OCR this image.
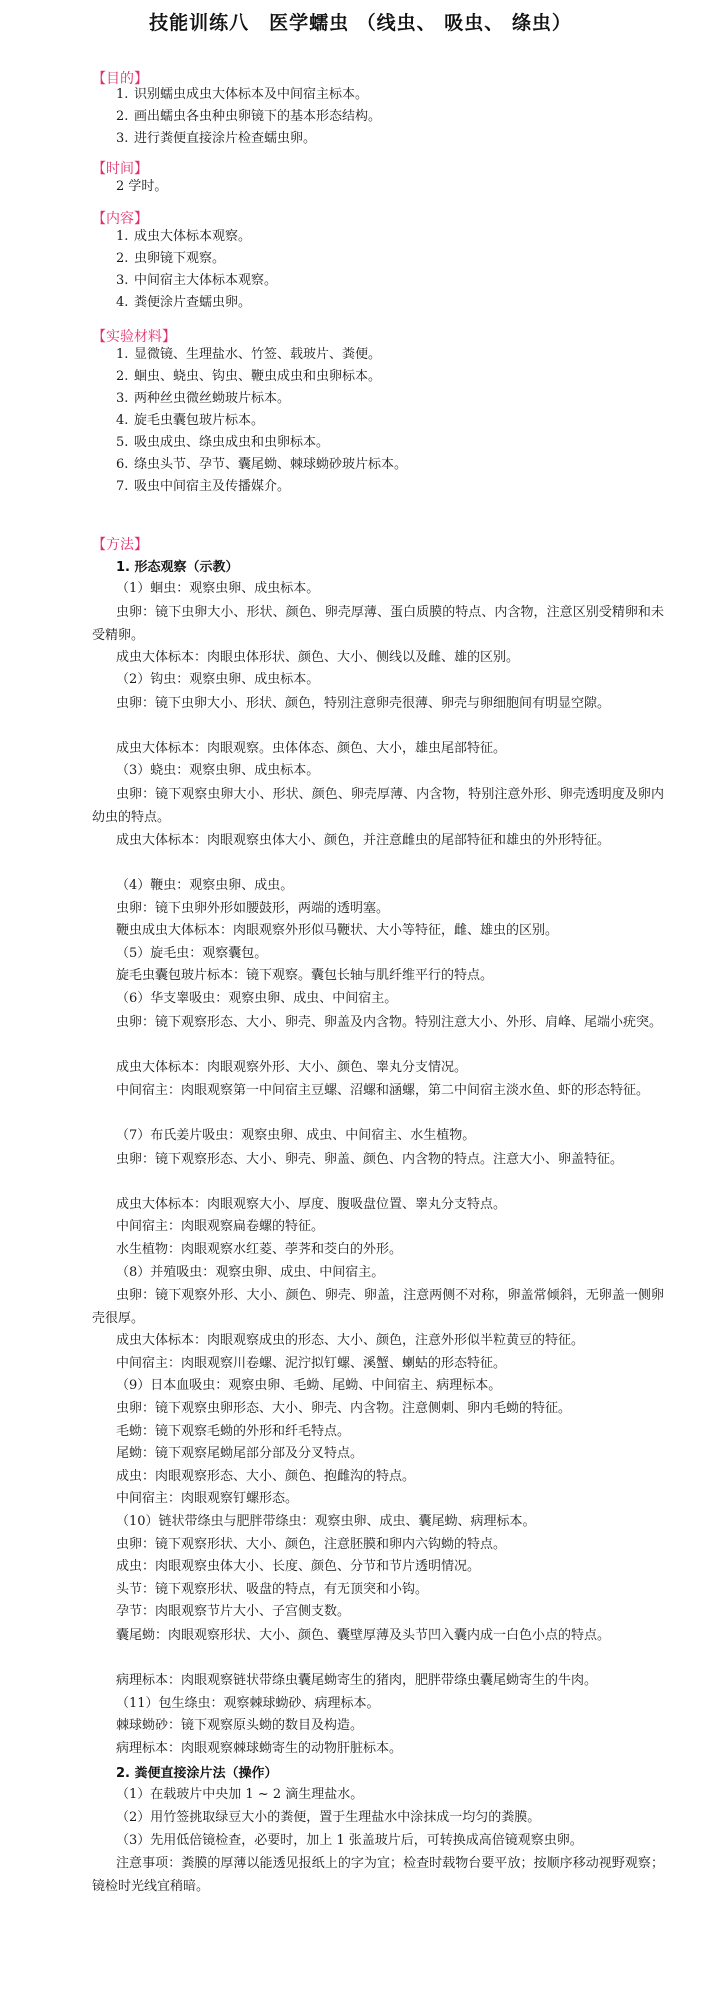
技能训练八　医学蠕虫 （线虫、 吸虫、 绦虫）
【目的】
1. 识别蠕虫成虫大体标本及中间宿主标本。
2. 画出蠕虫各虫种虫卵镜下的基本形态结构。
3. 进行粪便直接涂片检查蠕虫卵。
【时间】
2 学时。
【内容】
1. 成虫大体标本观察。
2. 虫卵镜下观察。
3. 中间宿主大体标本观察。
4. 粪便涂片查蠕虫卵。
【实验材料】
1. 显微镜、生理盐水、竹签、载玻片、粪便。
2. 蛔虫、蛲虫、钩虫、鞭虫成虫和虫卵标本。
3. 两种丝虫微丝蚴玻片标本。
4. 旋毛虫囊包玻片标本。
5. 吸虫成虫、绦虫成虫和虫卵标本。
6. 绦虫头节、孕节、囊尾蚴、棘球蚴砂玻片标本。
7. 吸虫中间宿主及传播媒介。
【方法】
1. 形态观察（示教）
（1）蛔虫：观察虫卵、成虫标本。
虫卵：镜下虫卵大小、形状、颜色、卵壳厚薄、蛋白质膜的特点、内含物，注意区别受精卵和未受精卵。
成虫大体标本：肉眼虫体形状、颜色、大小、侧线以及雌、雄的区别。
（2）钩虫：观察虫卵、成虫标本。
虫卵：镜下虫卵大小、形状、颜色，特别注意卵壳很薄、卵壳与卵细胞间有明显空隙。
成虫大体标本：肉眼观察。虫体体态、颜色、大小，雄虫尾部特征。
（3）蛲虫：观察虫卵、成虫标本。
虫卵：镜下观察虫卵大小、形状、颜色、卵壳厚薄、内含物，特别注意外形、卵壳透明度及卵内幼虫的特点。
成虫大体标本：肉眼观察虫体大小、颜色，并注意雌虫的尾部特征和雄虫的外形特征。
（4）鞭虫：观察虫卵、成虫。
虫卵：镜下虫卵外形如腰鼓形，两端的透明塞。
鞭虫成虫大体标本：肉眼观察外形似马鞭状、大小等特征，雌、雄虫的区别。
（5）旋毛虫：观察囊包。
旋毛虫囊包玻片标本：镜下观察。囊包长轴与肌纤维平行的特点。
（6）华支睾吸虫：观察虫卵、成虫、中间宿主。
虫卵：镜下观察形态、大小、卵壳、卵盖及内含物。特别注意大小、外形、肩峰、尾端小疣突。
成虫大体标本：肉眼观察外形、大小、颜色、睾丸分支情况。
中间宿主：肉眼观察第一中间宿主豆螺、沼螺和涵螺，第二中间宿主淡水鱼、虾的形态特征。
（7）布氏姜片吸虫：观察虫卵、成虫、中间宿主、水生植物。
虫卵：镜下观察形态、大小、卵壳、卵盖、颜色、内含物的特点。注意大小、卵盖特征。
成虫大体标本：肉眼观察大小、厚度、腹吸盘位置、睾丸分支特点。
中间宿主：肉眼观察扁卷螺的特征。
水生植物：肉眼观察水红菱、荸荠和茭白的外形。
（8）并殖吸虫：观察虫卵、成虫、中间宿主。
虫卵：镜下观察外形、大小、颜色、卵壳、卵盖，注意两侧不对称，卵盖常倾斜，无卵盖一侧卵壳很厚。
成虫大体标本：肉眼观察成虫的形态、大小、颜色，注意外形似半粒黄豆的特征。
中间宿主：肉眼观察川卷螺、泥泞拟钉螺、溪蟹、蝲蛄的形态特征。
（9）日本血吸虫：观察虫卵、毛蚴、尾蚴、中间宿主、病理标本。
虫卵：镜下观察虫卵形态、大小、卵壳、内含物。注意侧刺、卵内毛蚴的特征。
毛蚴：镜下观察毛蚴的外形和纤毛特点。
尾蚴：镜下观察尾蚴尾部分部及分叉特点。
成虫：肉眼观察形态、大小、颜色、抱雌沟的特点。
中间宿主：肉眼观察钉螺形态。
（10）链状带绦虫与肥胖带绦虫：观察虫卵、成虫、囊尾蚴、病理标本。
虫卵：镜下观察形状、大小、颜色，注意胚膜和卵内六钩蚴的特点。
成虫：肉眼观察虫体大小、长度、颜色、分节和节片透明情况。
头节：镜下观察形状、吸盘的特点，有无顶突和小钩。
孕节：肉眼观察节片大小、子宫侧支数。
囊尾蚴：肉眼观察形状、大小、颜色、囊壁厚薄及头节凹入囊内成一白色小点的特点。
病理标本：肉眼观察链状带绦虫囊尾蚴寄生的猪肉，肥胖带绦虫囊尾蚴寄生的牛肉。
（11）包生绦虫：观察棘球蚴砂、病理标本。
棘球蚴砂：镜下观察原头蚴的数目及构造。
病理标本：肉眼观察棘球蚴寄生的动物肝脏标本。
2. 粪便直接涂片法（操作）
（1）在载玻片中央加 1 ~ 2 滴生理盐水。
（2）用竹签挑取绿豆大小的粪便，置于生理盐水中涂抹成一均匀的粪膜。
（3）先用低倍镜检查，必要时，加上 1 张盖玻片后，可转换成高倍镜观察虫卵。
注意事项：粪膜的厚薄以能透见报纸上的字为宜；检查时载物台要平放；按顺序移动视野观察；镜检时光线宜稍暗。
